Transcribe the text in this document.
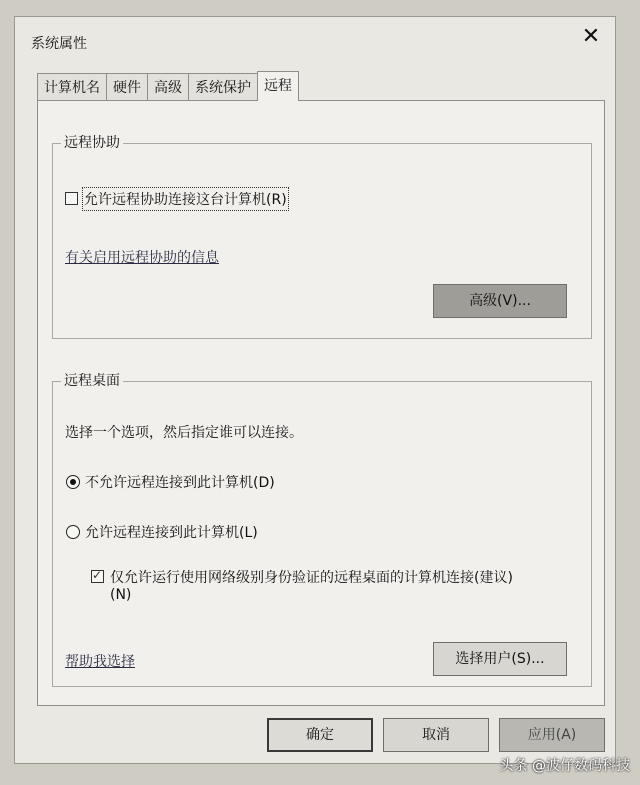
系统属性	✕
计算机名 硬件 高级 系统保护 远程
远程协助
允许远程协助连接这台计算机(R)
有关启用远程协助的信息
高级(V)...
远程桌面
选择一个选项，然后指定谁可以连接。
不允许远程连接到此计算机(D)
允许远程连接到此计算机(L)
✓
仅允许运行使用网络级别身份验证的远程桌面的计算机连接(建议)
(N)
帮助我选择	选择用户(S)...
确定	取消	应用(A)
头条 @波仔数码科技
